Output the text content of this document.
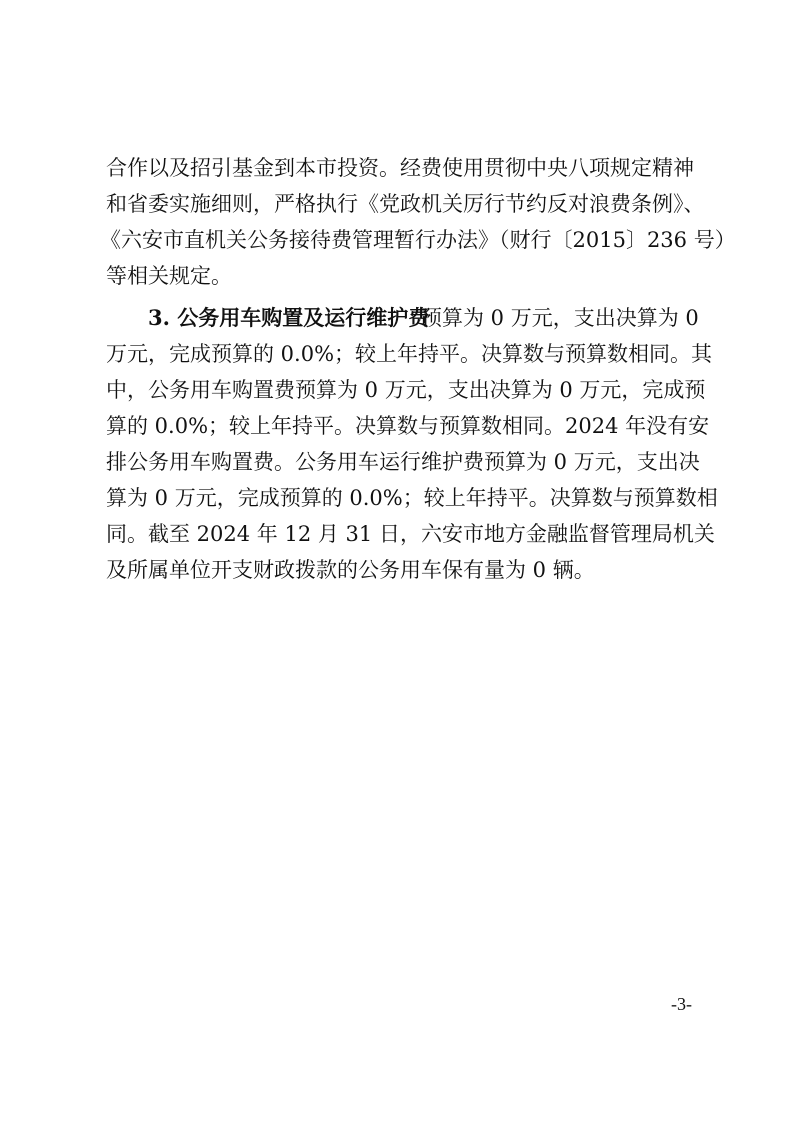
合作以及招引基金到本市投资。经费使用贯彻中央八项规定精神
和省委实施细则，严格执行《党政机关厉行节约反对浪费条例》、
《六安市直机关公务接待费管理暂行办法》（财行〔2015〕236 号）
等相关规定。
3. 公务用车购置及运行维护费
预算为 0 万元，支出决算为 0
万元，完成预算的 0.0%；较上年持平。决算数与预算数相同。其
中，公务用车购置费预算为 0 万元，支出决算为 0 万元，完成预
算的 0.0%；较上年持平。决算数与预算数相同。2024 年没有安
排公务用车购置费。公务用车运行维护费预算为 0 万元，支出决
算为 0 万元，完成预算的 0.0%；较上年持平。决算数与预算数相
同。截至 2024 年 12 月 31 日，六安市地方金融监督管理局机关
及所属单位开支财政拨款的公务用车保有量为 0 辆。
-3-
